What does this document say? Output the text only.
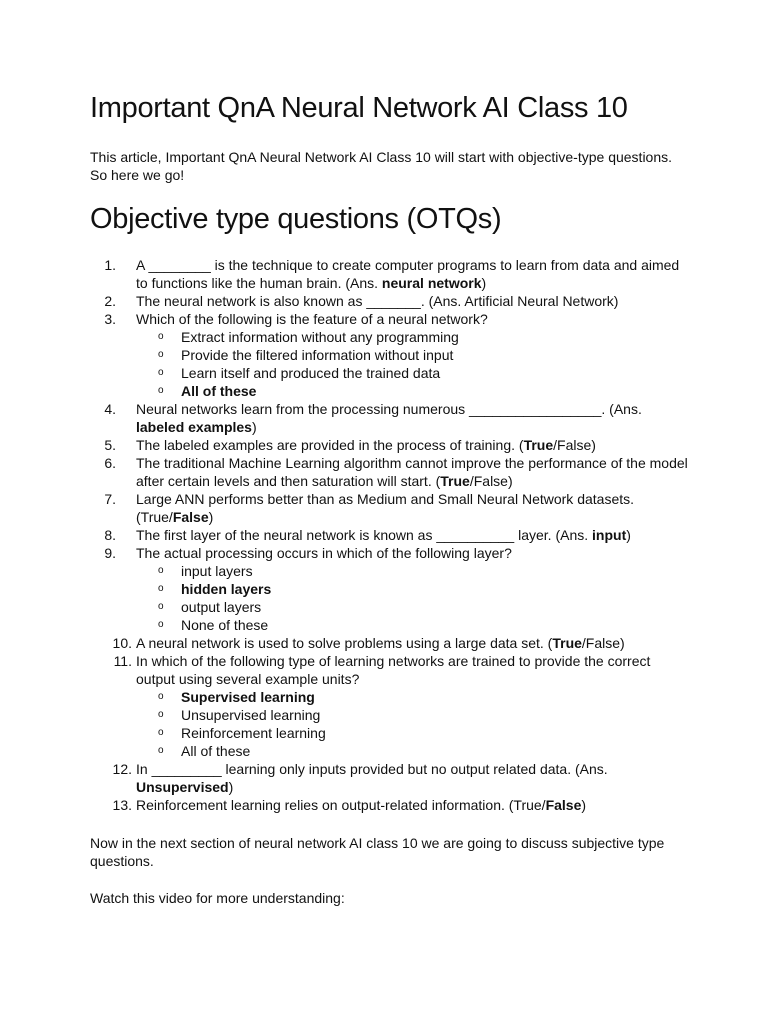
Important QnA Neural Network AI Class 10

This article, Important QnA Neural Network AI Class 10 will start with objective-type questions. So here we go!

Objective type questions (OTQs)
1.	A ________ is the technique to create computer programs to learn from data and aimed to functions like the human brain. (Ans. neural network)
2.	The neural network is also known as _______. (Ans. Artificial Neural Network)
3.	Which of the following is the feature of a neural network?
o Extract information without any programming
o Provide the filtered information without input
o Learn itself and produced the trained data
o All of these
4.	Neural networks learn from the processing numerous _________________. (Ans. labeled examples)
5.	The labeled examples are provided in the process of training. (True/False)
6.	The traditional Machine Learning algorithm cannot improve the performance of the model after certain levels and then saturation will start. (True/False)
7.	Large ANN performs better than as Medium and Small Neural Network datasets. (True/False)
8.	The first layer of the neural network is known as __________ layer. (Ans. input)
9.	The actual processing occurs in which of the following layer?
o input layers
o hidden layers
o output layers
o None of these
10. A neural network is used to solve problems using a large data set. (True/False)
11. In which of the following type of learning networks are trained to provide the correct output using several example units?
o Supervised learning
o Unsupervised learning
o Reinforcement learning
o All of these
12. In _________ learning only inputs provided but no output related data. (Ans. Unsupervised)
13. Reinforcement learning relies on output-related information. (True/False)

Now in the next section of neural network AI class 10 we are going to discuss subjective type questions.

Watch this video for more understanding:
